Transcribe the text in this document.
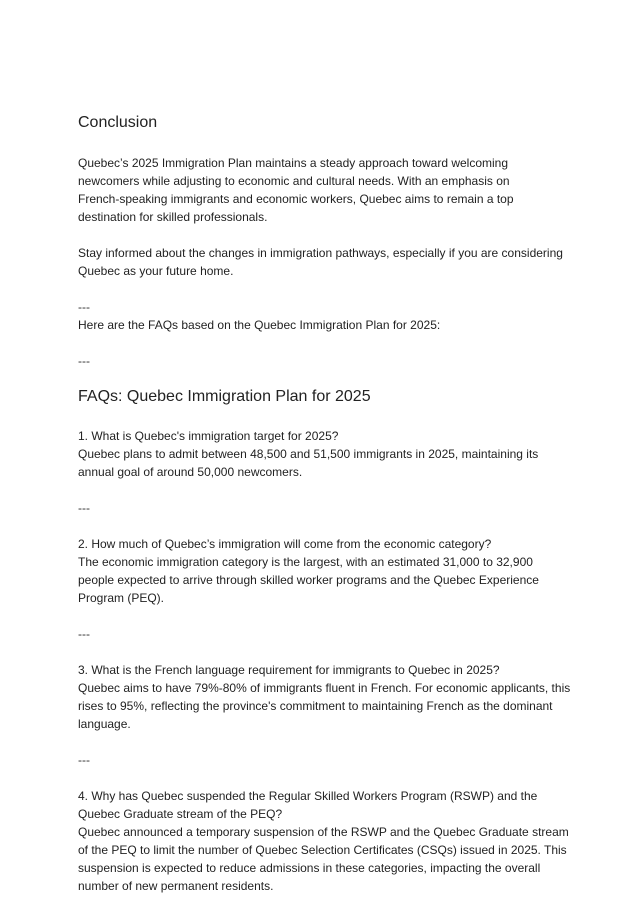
Conclusion
Quebec’s 2025 Immigration Plan maintains a steady approach toward welcoming
newcomers while adjusting to economic and cultural needs. With an emphasis on
French-speaking immigrants and economic workers, Quebec aims to remain a top
destination for skilled professionals.
Stay informed about the changes in immigration pathways, especially if you are considering
Quebec as your future home.
---
Here are the FAQs based on the Quebec Immigration Plan for 2025:
---
FAQs: Quebec Immigration Plan for 2025
1. What is Quebec's immigration target for 2025?
Quebec plans to admit between 48,500 and 51,500 immigrants in 2025, maintaining its
annual goal of around 50,000 newcomers.
---
2. How much of Quebec’s immigration will come from the economic category?
The economic immigration category is the largest, with an estimated 31,000 to 32,900
people expected to arrive through skilled worker programs and the Quebec Experience
Program (PEQ).
---
3. What is the French language requirement for immigrants to Quebec in 2025?
Quebec aims to have 79%-80% of immigrants fluent in French. For economic applicants, this
rises to 95%, reflecting the province's commitment to maintaining French as the dominant
language.
---
4. Why has Quebec suspended the Regular Skilled Workers Program (RSWP) and the
Quebec Graduate stream of the PEQ?
Quebec announced a temporary suspension of the RSWP and the Quebec Graduate stream
of the PEQ to limit the number of Quebec Selection Certificates (CSQs) issued in 2025. This
suspension is expected to reduce admissions in these categories, impacting the overall
number of new permanent residents.
